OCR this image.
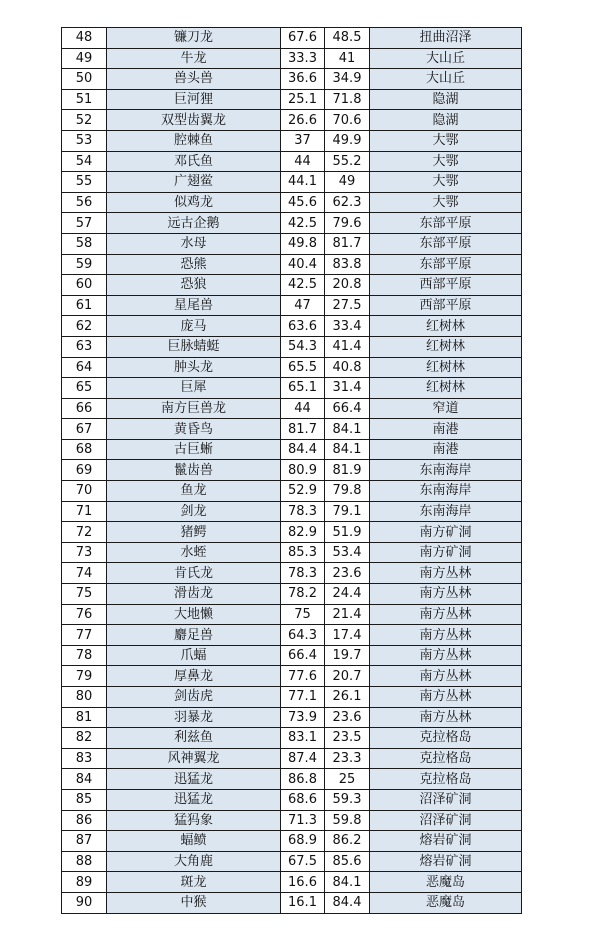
48	镰刀龙	67.6	48.5	扭曲沼泽
49	牛龙	33.3	41	大山丘
50	兽头兽	36.6	34.9	大山丘
51	巨河狸	25.1	71.8	隐湖
52	双型齿翼龙	26.6	70.6	隐湖
53	腔棘鱼	37	49.9	大鄂
54	邓氏鱼	44	55.2	大鄂
55	广翅鲎	44.1	49	大鄂
56	似鸡龙	45.6	62.3	大鄂
57	远古企鹅	42.5	79.6	东部平原
58	水母	49.8	81.7	东部平原
59	恐熊	40.4	83.8	东部平原
60	恐狼	42.5	20.8	西部平原
61	星尾兽	47	27.5	西部平原
62	庞马	63.6	33.4	红树林
63	巨脉蜻蜓	54.3	41.4	红树林
64	肿头龙	65.5	40.8	红树林
65	巨犀	65.1	31.4	红树林
66	南方巨兽龙	44	66.4	窄道
67	黄昏鸟	81.7	84.1	南港
68	古巨蜥	84.4	84.1	南港
69	鬣齿兽	80.9	81.9	东南海岸
70	鱼龙	52.9	79.8	东南海岸
71	剑龙	78.3	79.1	东南海岸
72	猪鳄	82.9	51.9	南方矿洞
73	水蛭	85.3	53.4	南方矿洞
74	肯氏龙	78.3	23.6	南方丛林
75	滑齿龙	78.2	24.4	南方丛林
76	大地懒	75	21.4	南方丛林
77	麝足兽	64.3	17.4	南方丛林
78	爪蝠	66.4	19.7	南方丛林
79	厚鼻龙	77.6	20.7	南方丛林
80	剑齿虎	77.1	26.1	南方丛林
81	羽暴龙	73.9	23.6	南方丛林
82	利兹鱼	83.1	23.5	克拉格岛
83	风神翼龙	87.4	23.3	克拉格岛
84	迅猛龙	86.8	25	克拉格岛
85	迅猛龙	68.6	59.3	沼泽矿洞
86	猛犸象	71.3	59.8	沼泽矿洞
87	蝠鲼	68.9	86.2	熔岩矿洞
88	大角鹿	67.5	85.6	熔岩矿洞
89	斑龙	16.6	84.1	恶魔岛
90	中猴	16.1	84.4	恶魔岛
